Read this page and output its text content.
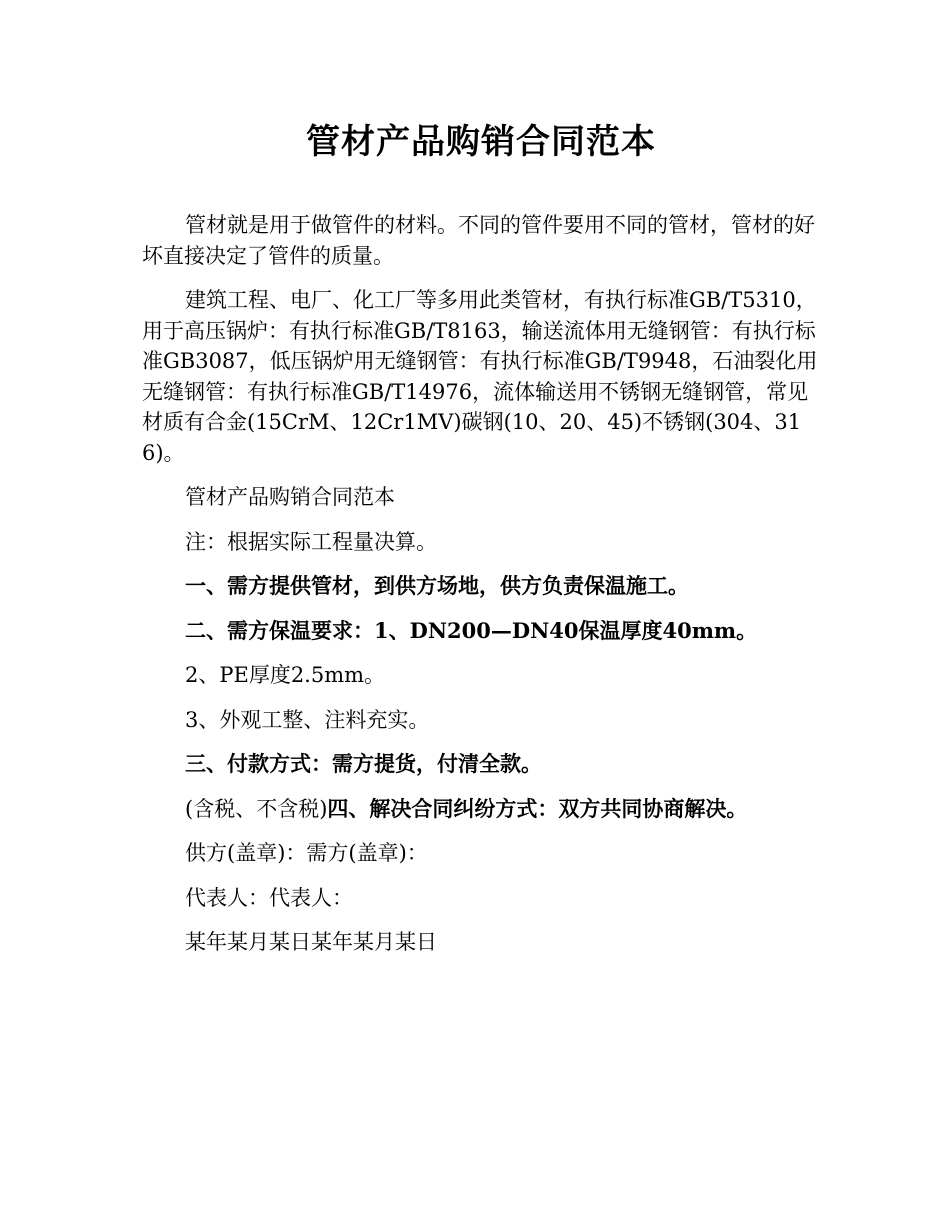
管材产品购销合同范本

管材就是用于做管件的材料。不同的管件要用不同的管材，管材的好坏直接决定了管件的质量。

建筑工程、电厂、化工厂等多用此类管材，有执行标准GB/T5310，用于高压锅炉：有执行标准GB/T8163，输送流体用无缝钢管：有执行标准GB3087，低压锅炉用无缝钢管：有执行标准GB/T9948，石油裂化用无缝钢管：有执行标准GB/T14976，流体输送用不锈钢无缝钢管，常见材质有合金(15CrM、12Cr1MV)碳钢(10、20、45)不锈钢(304、316)。

管材产品购销合同范本

注：根据实际工程量决算。

一、需方提供管材，到供方场地，供方负责保温施工。

二、需方保温要求：1、DN200—DN40保温厚度40mm。

2、PE厚度2.5mm。

3、外观工整、注料充实。

三、付款方式：需方提货，付清全款。

(含税、不含税)四、解决合同纠纷方式：双方共同协商解决。

供方(盖章)：需方(盖章)：

代表人：代表人：

某年某月某日某年某月某日
